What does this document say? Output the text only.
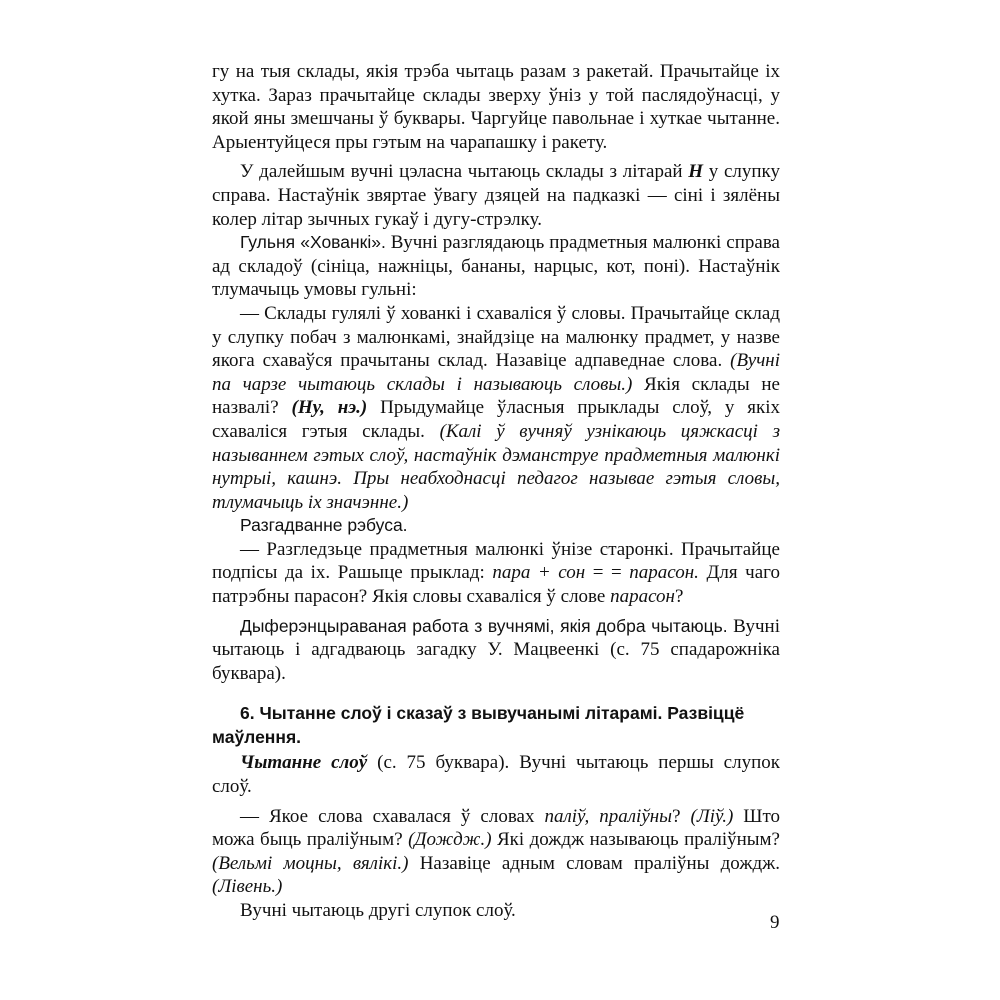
гу на тыя склады, якія трэба чытаць разам з ракетай. Прачытайце іх хутка. Зараз прачытайце склады зверху ўніз у той паслядоўнасці, у якой яны змешчаны ў буквары. Чаргуйце павольнае і хуткае чытанне. Арыентуйцеся пры гэтым на чарапашку і ракету.

У далейшым вучні цэласна чытаюць склады з літарай Н у слупку справа. Настаўнік звяртае ўвагу дзяцей на падказкі — сіні і зялёны колер літар зычных гукаў і дугу-стрэлку.

Гульня «Хованкі». Вучні разглядаюць прадметныя малюнкі справа ад складоў (сініца, нажніцы, бананы, нарцыс, кот, поні). Настаўнік тлумачыць умовы гульні:

— Склады гулялі ў хованкі і схаваліся ў словы. Прачытайце склад у слупку побач з малюнкамі, знайдзіце на малюнку прадмет, у назве якога схаваўся прачытаны склад. Назавіце адпаведнае слова. (Вучні па чарзе чытаюць склады і называюць словы.) Якія склады не назвалі? (Ну, нэ.) Прыдумайце ўласныя прыклады слоў, у якіх схаваліся гэтыя склады. (Калі ў вучняў узнікаюць цяжкасці з называннем гэтых слоў, настаўнік дэманструе прадметныя малюнкі нутрыі, кашнэ. Пры неабходнасці педагог называе гэтыя словы, тлумачыць іх значэнне.)

Разгадванне рэбуса.

— Разгледзьце прадметныя малюнкі ўнізе старонкі. Прачытайце подпісы да іх. Рашыце прыклад: пара + сон = = парасон. Для чаго патрэбны парасон? Якія словы схаваліся ў слове парасон?

Дыферэнцыраваная работа з вучнямі, якія добра чытаюць. Вучні чытаюць і адгадваюць загадку У. Мацвеенкі (с. 75 спадарожніка буквара).

6. Чытанне слоў і сказаў з вывучанымі літарамі. Развіццё маўлення.

Чытанне слоў (с. 75 буквара). Вучні чытаюць першы слупок слоў.

— Якое слова схавалася ў словах паліў, праліўны? (Ліў.) Што можа быць праліўным? (Дождж.) Які дождж называюць праліўным? (Вельмі моцны, вялікі.) Назавіце адным словам праліўны дождж. (Лівень.)

Вучні чытаюць другі слупок слоў.

9
